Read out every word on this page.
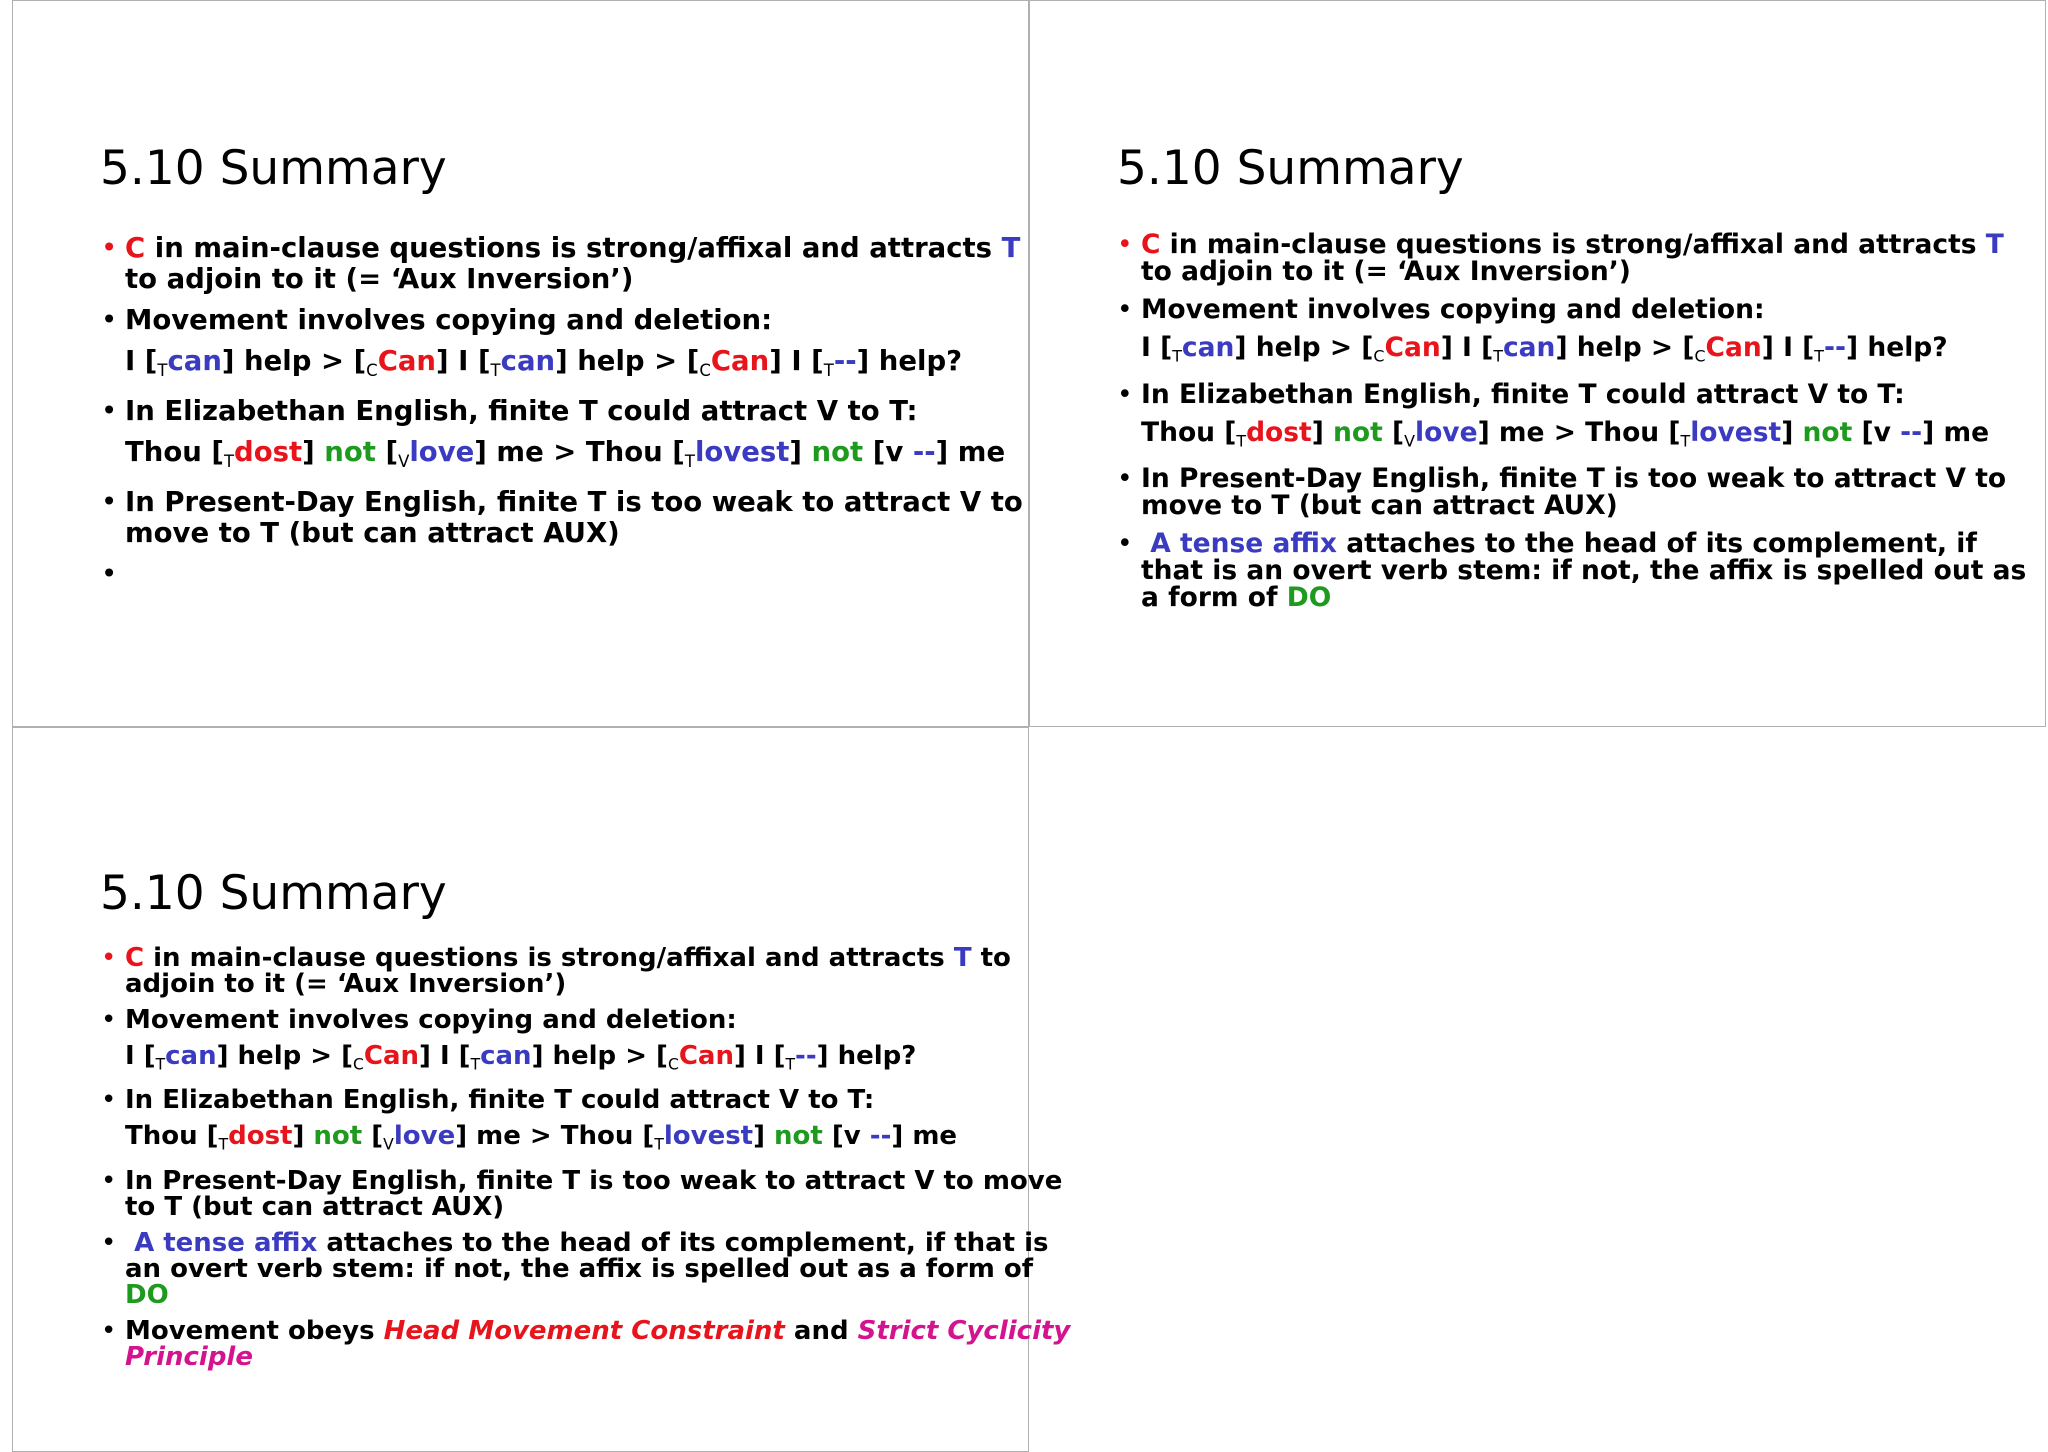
5.10 Summary
• C in main-clause questions is strong/affixal and attracts T
to adjoin to it (= ‘Aux Inversion’)
• Movement involves copying and deletion:
I $[_Tcan]$ help > $[_CCan]$ I $[_Tcan]$ help > $[_CCan]$ I $[_T--]$ help?
• In Elizabethan English, finite T could attract V to T:
Thou $[_Tdost]$ not $[_Vlove]$ me > Thou $[_Tlovest]$ not [v --] me
• In Present-Day English, finite T is too weak to attract V to
move to T (but can attract AUX)
•
5.10 Summary
• C in main-clause questions is strong/affixal and attracts T
to adjoin to it (= ‘Aux Inversion’)
• Movement involves copying and deletion:
I $[_Tcan]$ help > $[_CCan]$ I $[_Tcan]$ help > $[_CCan]$ I $[_T--]$ help?
• In Elizabethan English, finite T could attract V to T:
Thou $[_Tdost]$ not $[_Vlove]$ me > Thou $[_Tlovest]$ not [v --] me
• In Present-Day English, finite T is too weak to attract V to
move to T (but can attract AUX)
• A tense affix attaches to the head of its complement, if
that is an overt verb stem: if not, the affix is spelled out as
a form of DO
5.10 Summary
• C in main-clause questions is strong/affixal and attracts T to
adjoin to it (= ‘Aux Inversion’)
• Movement involves copying and deletion:
I $[_Tcan]$ help > $[_CCan]$ I $[_Tcan]$ help > $[_CCan]$ I $[_T--]$ help?
• In Elizabethan English, finite T could attract V to T:
Thou $[_Tdost]$ not $[_Vlove]$ me > Thou $[_Tlovest]$ not [v --] me
• In Present-Day English, finite T is too weak to attract V to move
to T (but can attract AUX)
• A tense affix attaches to the head of its complement, if that is
an overt verb stem: if not, the affix is spelled out as a form of
DO
• Movement obeys Head Movement Constraint and Strict Cyclicity
Principle
